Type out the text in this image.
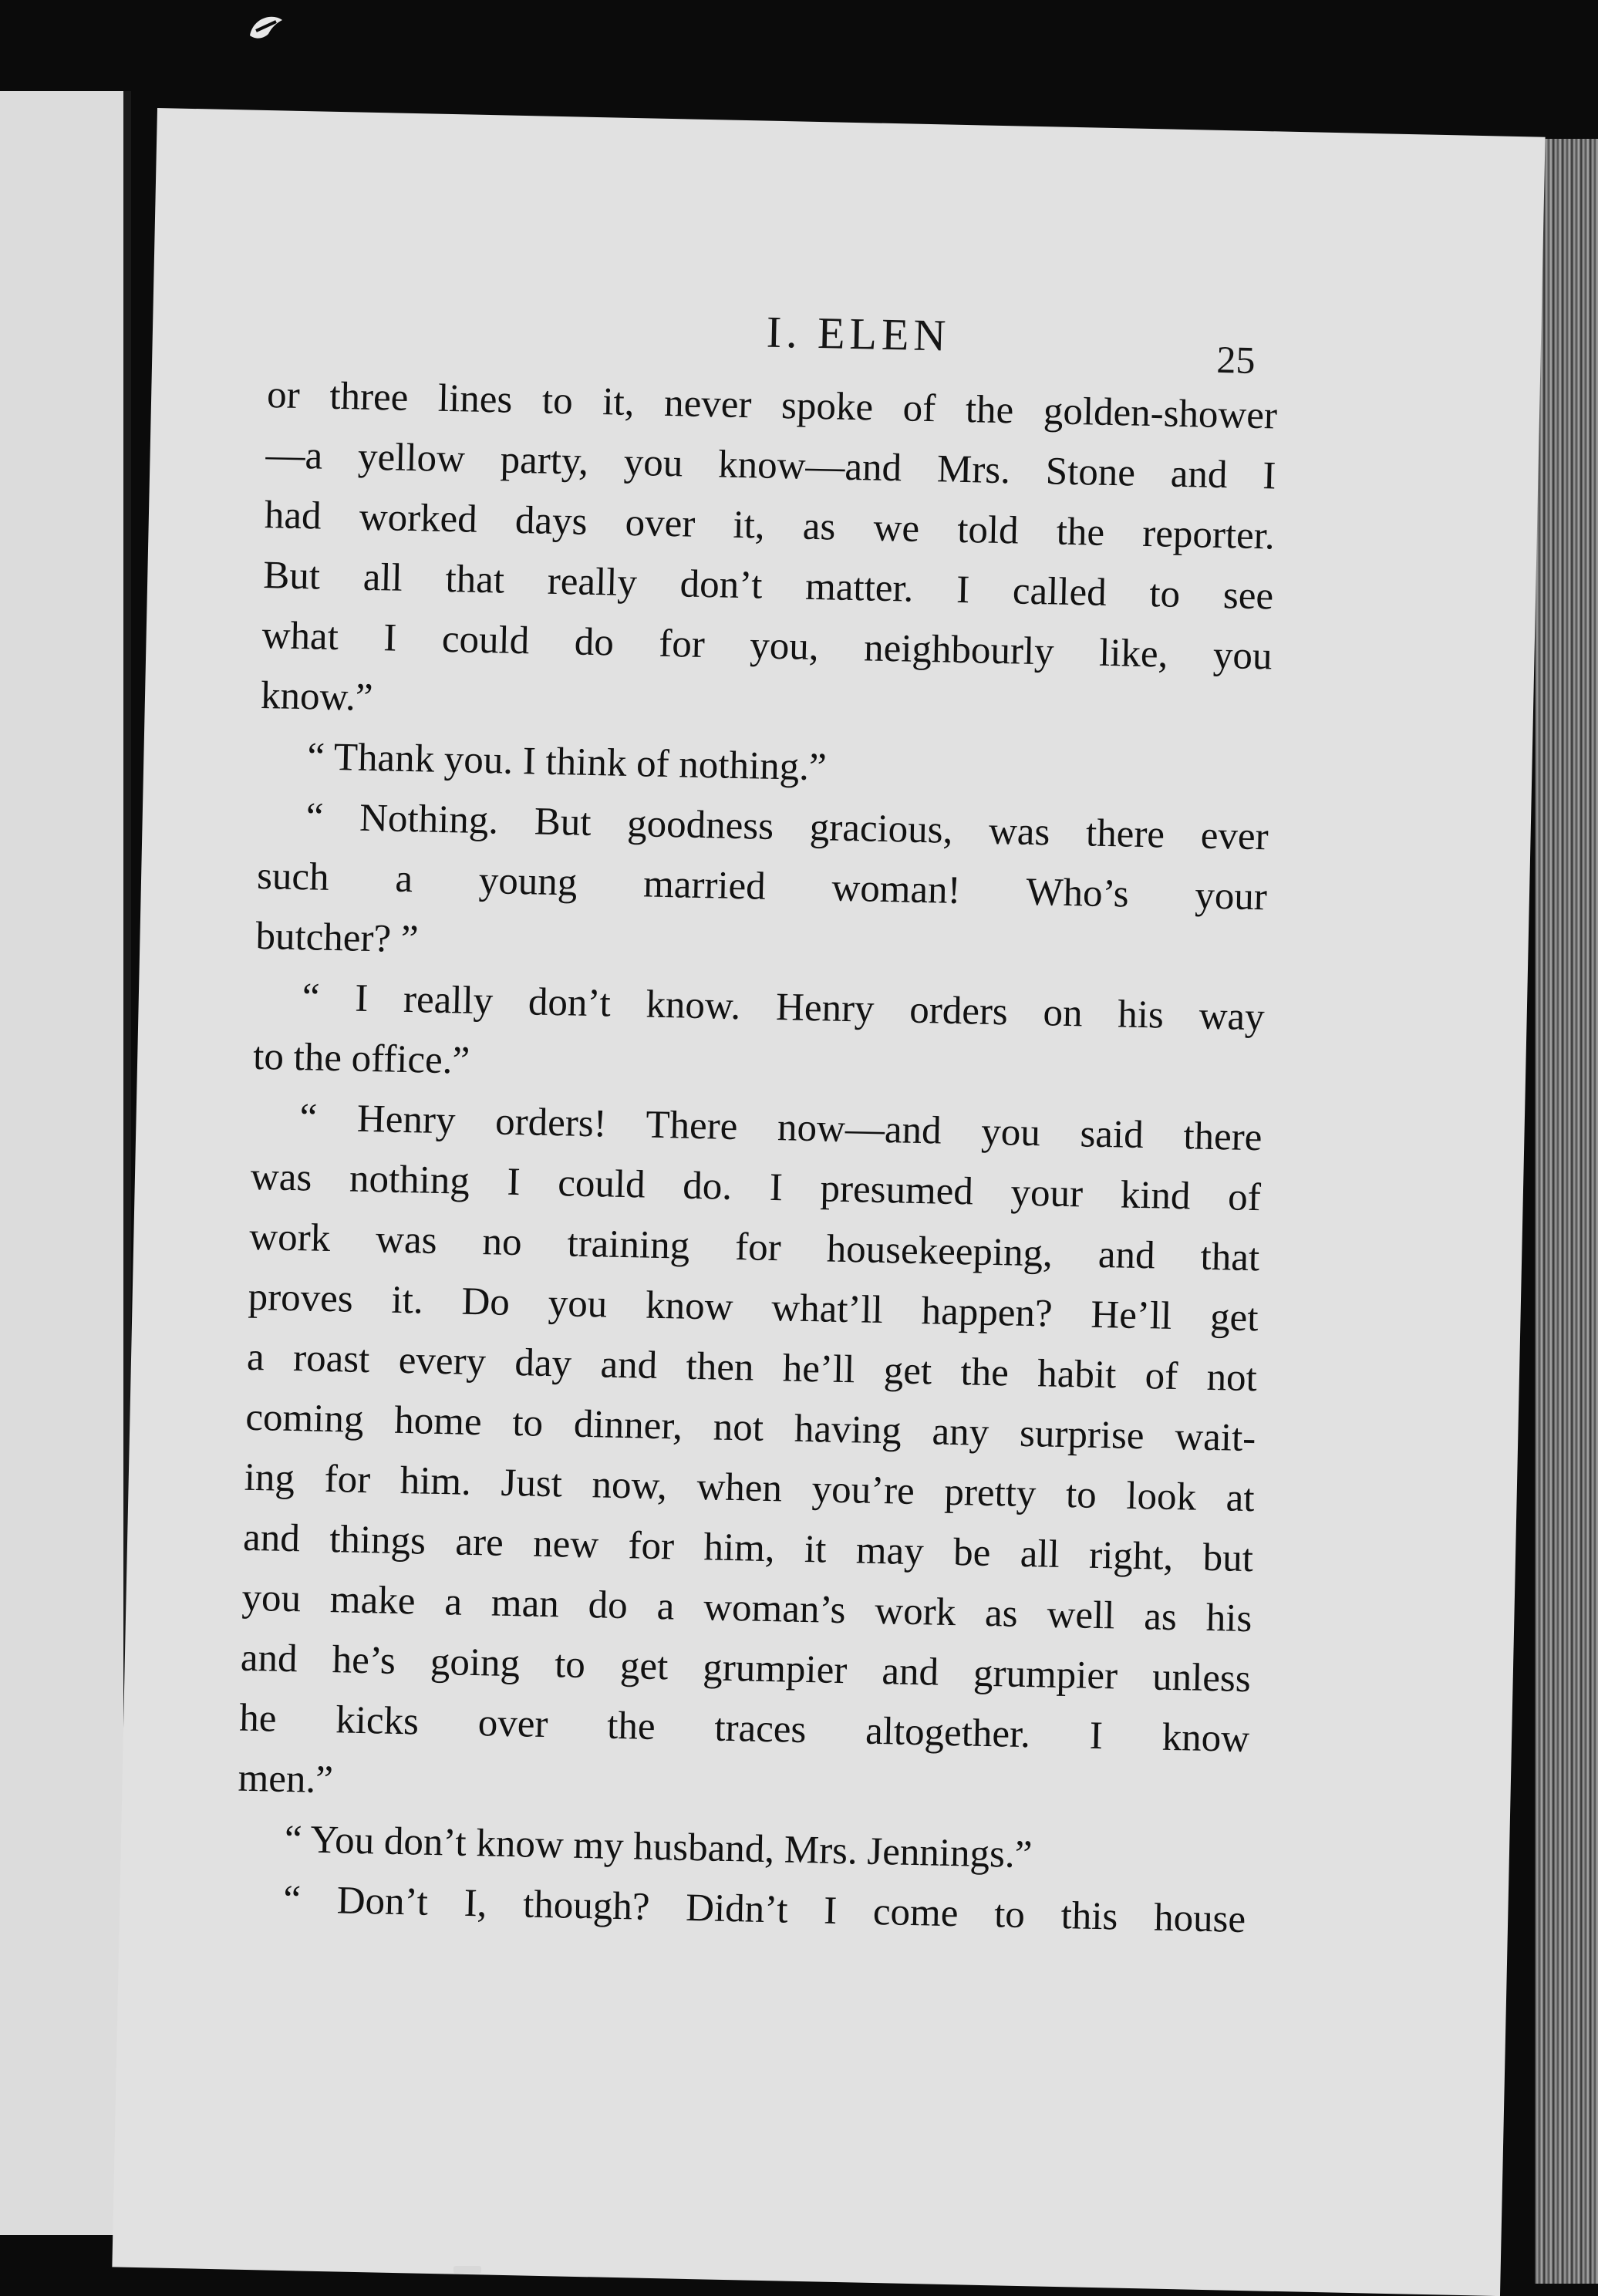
I. ELEN	25
or three lines to it, never spoke of the golden-shower
—a yellow party, you know—and Mrs. Stone and I
had worked days over it, as we told the reporter.
But all that really don’t matter. I called to see
what I could do for you, neighbourly like, you
know.”
“ Thank you. I think of nothing.”
“ Nothing. But goodness gracious, was there ever
such a young married woman! Who’s your
butcher? ”
“ I really don’t know. Henry orders on his way
to the office.”
“ Henry orders! There now—and you said there
was nothing I could do. I presumed your kind of
work was no training for housekeeping, and that
proves it. Do you know what’ll happen? He’ll get
a roast every day and then he’ll get the habit of not
coming home to dinner, not having any surprise wait-
ing for him. Just now, when you’re pretty to look at
and things are new for him, it may be all right, but
you make a man do a woman’s work as well as his
and he’s going to get grumpier and grumpier unless
he kicks over the traces altogether. I know
men.”
“ You don’t know my husband, Mrs. Jennings.”
“ Don’t I, though? Didn’t I come to this house
